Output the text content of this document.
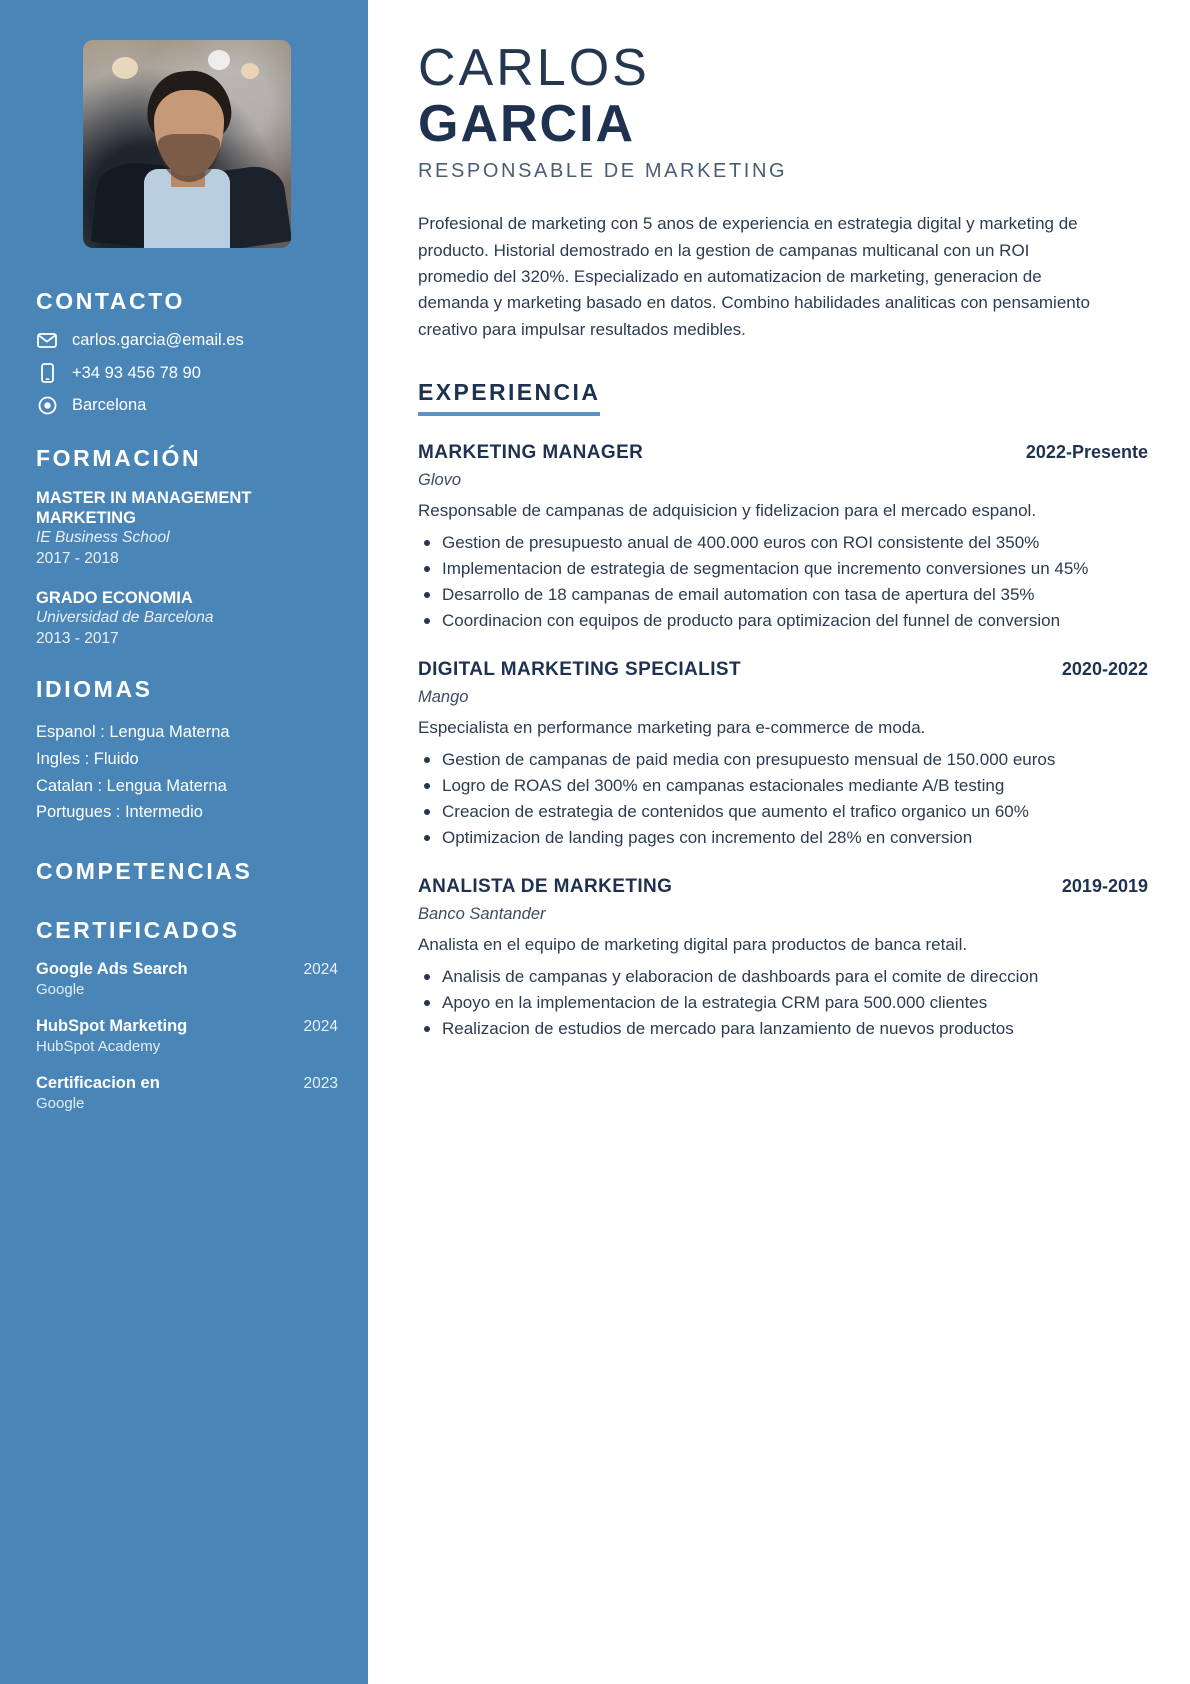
CONTACTO
carlos.garcia@email.es
+34 93 456 78 90
Barcelona
FORMACIÓN
MASTER IN MANAGEMENT MARKETING
IE Business School
2017 - 2018
GRADO ECONOMIA
Universidad de Barcelona
2013 - 2017
IDIOMAS
Espanol : Lengua Materna
Ingles : Fluido
Catalan : Lengua Materna
Portugues : Intermedio
COMPETENCIAS
CERTIFICADOS
Google Ads Search	2024
Google
HubSpot Marketing	2024
HubSpot Academy
Certificacion en	2023
Google
CARLOS
GARCIA
RESPONSABLE DE MARKETING

Profesional de marketing con 5 anos de experiencia en estrategia digital y marketing de producto. Historial demostrado en la gestion de campanas multicanal con un ROI promedio del 320%. Especializado en automatizacion de marketing, generacion de demanda y marketing basado en datos. Combino habilidades analiticas con pensamiento creativo para impulsar resultados medibles.

EXPERIENCIA
MARKETING MANAGER	2022-Presente
Glovo
Responsable de campanas de adquisicion y fidelizacion para el mercado espanol.
Gestion de presupuesto anual de 400.000 euros con ROI consistente del 350%
Implementacion de estrategia de segmentacion que incremento conversiones un 45%
Desarrollo de 18 campanas de email automation con tasa de apertura del 35%
Coordinacion con equipos de producto para optimizacion del funnel de conversion
DIGITAL MARKETING SPECIALIST	2020-2022
Mango
Especialista en performance marketing para e-commerce de moda.
Gestion de campanas de paid media con presupuesto mensual de 150.000 euros
Logro de ROAS del 300% en campanas estacionales mediante A/B testing
Creacion de estrategia de contenidos que aumento el trafico organico un 60%
Optimizacion de landing pages con incremento del 28% en conversion
ANALISTA DE MARKETING	2019-2019
Banco Santander
Analista en el equipo de marketing digital para productos de banca retail.
Analisis de campanas y elaboracion de dashboards para el comite de direccion
Apoyo en la implementacion de la estrategia CRM para 500.000 clientes
Realizacion de estudios de mercado para lanzamiento de nuevos productos
